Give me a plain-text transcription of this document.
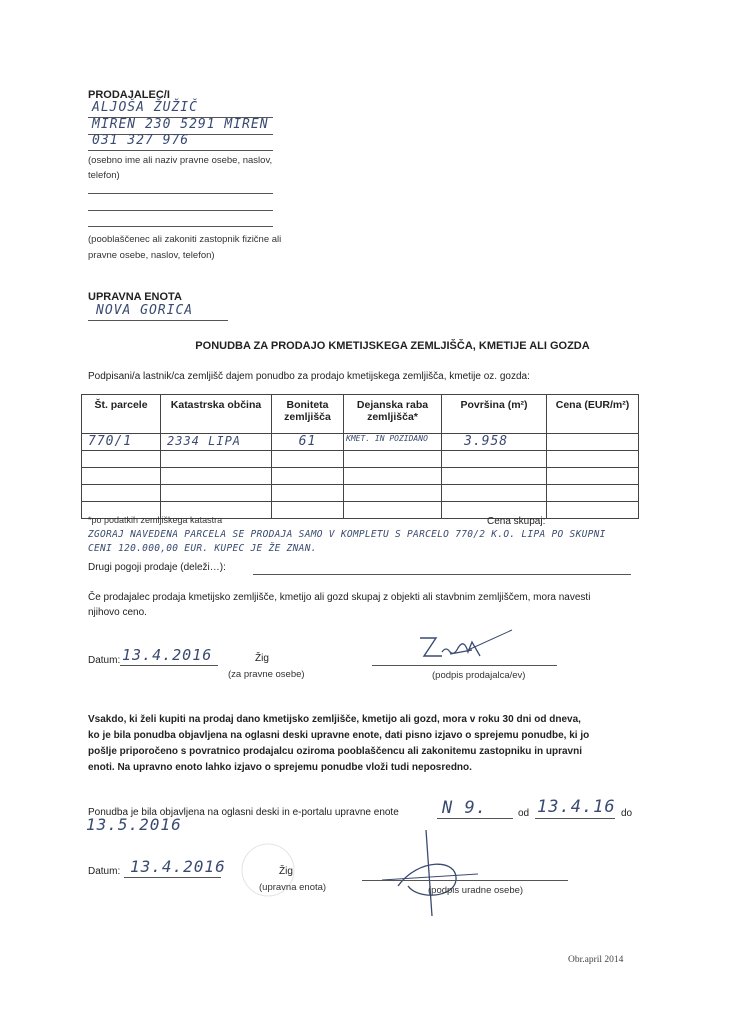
PRODAJALEC/I
ALJOŠA ŽUŽIČ
MIREN 230 5291 MIREN
031 327 976
(osebno ime ali naziv pravne osebe, naslov,
telefon)
(pooblaščenec ali zakoniti zastopnik fizične ali
pravne osebe, naslov, telefon)
UPRAVNA ENOTA
NOVA GORICA
PONUDBA ZA PRODAJO KMETIJSKEGA ZEMLJIŠČA, KMETIJE ALI GOZDA
Podpisani/a lastnik/ca zemljišč dajem ponudbo za prodajo kmetijskega zemljišča, kmetije oz. gozda:
Št. parcele	Katastrska občina	Boniteta zemljišča	Dejanska raba zemljišča*	Površina (m²)	Cena (EUR/m²)
770/1	2334 LIPA	61	KMET. IN POZIDANO	3.958	

*po podatkih zemljiškega katastra	Cena skupaj:
ZGORAJ NAVEDENA PARCELA SE PRODAJA SAMO V KOMPLETU S PARCELO 770/2 K.O. LIPA PO SKUPNI
CENI 120.000,00 EUR. KUPEC JE ŽE ZNAN.
Drugi pogoji prodaje (deleži…):
Če prodajalec prodaja kmetijsko zemljišče, kmetijo ali gozd skupaj z objekti ali stavbnim zemljiščem, mora navesti
njihovo ceno.
Datum: 13.4.2016	Žig
(za pravne osebe)	(podpis prodajalca/ev)
Vsakdo, ki želi kupiti na prodaj dano kmetijsko zemljišče, kmetijo ali gozd, mora v roku 30 dni od dneva,
ko je bila ponudba objavljena na oglasni deski upravne enote, dati pisno izjavo o sprejemu ponudbe, ki jo
pošlje priporočeno s povratnico prodajalcu oziroma pooblaščencu ali zakonitemu zastopniku in upravni
enoti. Na upravno enoto lahko izjavo o sprejemu ponudbe vloži tudi neposredno.
Ponudba je bila objavljena na oglasni deski in e-portalu upravne enote	N 9.	od 13.4.16 do
13.5.2016
Datum: 13.4.2016	Žig
(upravna enota)	(podpis uradne osebe)
Obr.april 2014
